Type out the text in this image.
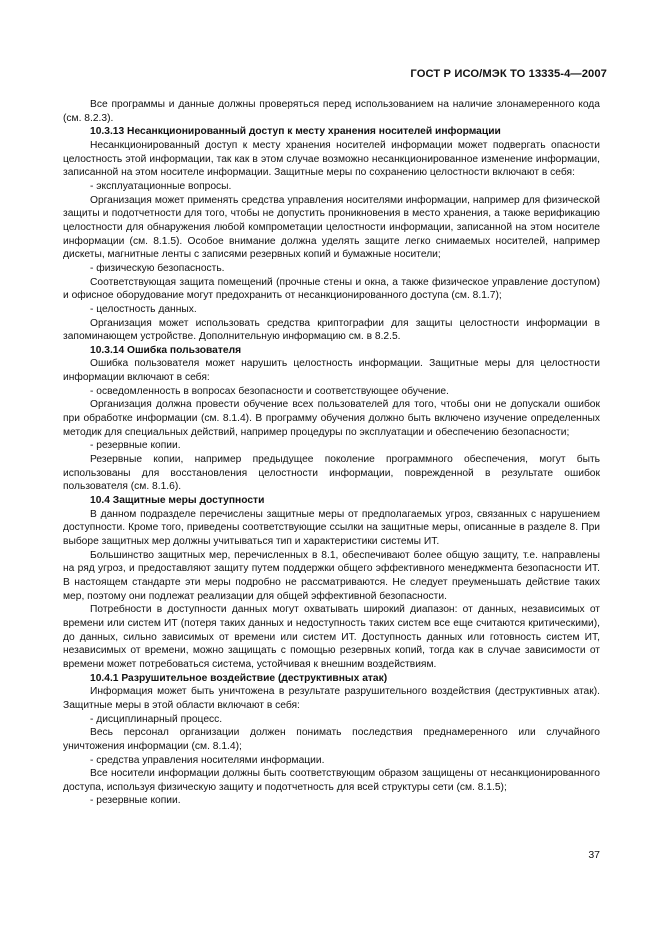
ГОСТ Р ИСО/МЭК ТО 13335-4—2007

Все программы и данные должны проверяться перед использованием на наличие злонамеренного кода (см. 8.2.3).

10.3.13 Несанкционированный доступ к месту хранения носителей информации

Несанкционированный доступ к месту хранения носителей информации может подвергать опасности целостность этой информации, так как в этом случае возможно несанкционированное изменение информации, записанной на этом носителе информации. Защитные меры по сохранению целостности включают в себя:

- эксплуатационные вопросы.

Организация может применять средства управления носителями информации, например для физической защиты и подотчетности для того, чтобы не допустить проникновения в место хранения, а также верификацию целостности для обнаружения любой компрометации целостности информации, записанной на этом носителе информации (см. 8.1.5). Особое внимание должна уделять защите легко снимаемых носителей, например дискеты, магнитные ленты с записями резервных копий и бумажные носители;

- физическую безопасность.

Соответствующая защита помещений (прочные стены и окна, а также физическое управление доступом) и офисное оборудование могут предохранить от несанкционированного доступа (см. 8.1.7);

- целостность данных.

Организация может использовать средства криптографии для защиты целостности информации в запоминающем устройстве. Дополнительную информацию см. в 8.2.5.

10.3.14 Ошибка пользователя

Ошибка пользователя может нарушить целостность информации. Защитные меры для целостности информации включают в себя:

- осведомленность в вопросах безопасности и соответствующее обучение.

Организация должна провести обучение всех пользователей для того, чтобы они не допускали ошибок при обработке информации (см. 8.1.4). В программу обучения должно быть включено изучение определенных методик для специальных действий, например процедуры по эксплуатации и обеспечению безопасности;

- резервные копии.

Резервные копии, например предыдущее поколение программного обеспечения, могут быть использованы для восстановления целостности информации, поврежденной в результате ошибок пользователя (см. 8.1.6).

10.4 Защитные меры доступности

В данном подразделе перечислены защитные меры от предполагаемых угроз, связанных с нарушением доступности. Кроме того, приведены соответствующие ссылки на защитные меры, описанные в разделе 8. При выборе защитных мер должны учитываться тип и характеристики системы ИТ.

Большинство защитных мер, перечисленных в 8.1, обеспечивают более общую защиту, т.е. направлены на ряд угроз, и предоставляют защиту путем поддержки общего эффективного менеджмента безопасности ИТ. В настоящем стандарте эти меры подробно не рассматриваются. Не следует преуменьшать действие таких мер, поэтому они подлежат реализации для общей эффективной безопасности.

Потребности в доступности данных могут охватывать широкий диапазон: от данных, независимых от времени или систем ИТ (потеря таких данных и недоступность таких систем все еще считаются критическими), до данных, сильно зависимых от времени или систем ИТ. Доступность данных или готовность систем ИТ, независимых от времени, можно защищать с помощью резервных копий, тогда как в случае зависимости от времени может потребоваться система, устойчивая к внешним воздействиям.

10.4.1 Разрушительное воздействие (деструктивных атак)

Информация может быть уничтожена в результате разрушительного воздействия (деструктивных атак). Защитные меры в этой области включают в себя:

- дисциплинарный процесс.

Весь персонал организации должен понимать последствия преднамеренного или случайного уничтожения информации (см. 8.1.4);

- средства управления носителями информации.

Все носители информации должны быть соответствующим образом защищены от несанкционированного доступа, используя физическую защиту и подотчетность для всей структуры сети (см. 8.1.5);

- резервные копии.

37
